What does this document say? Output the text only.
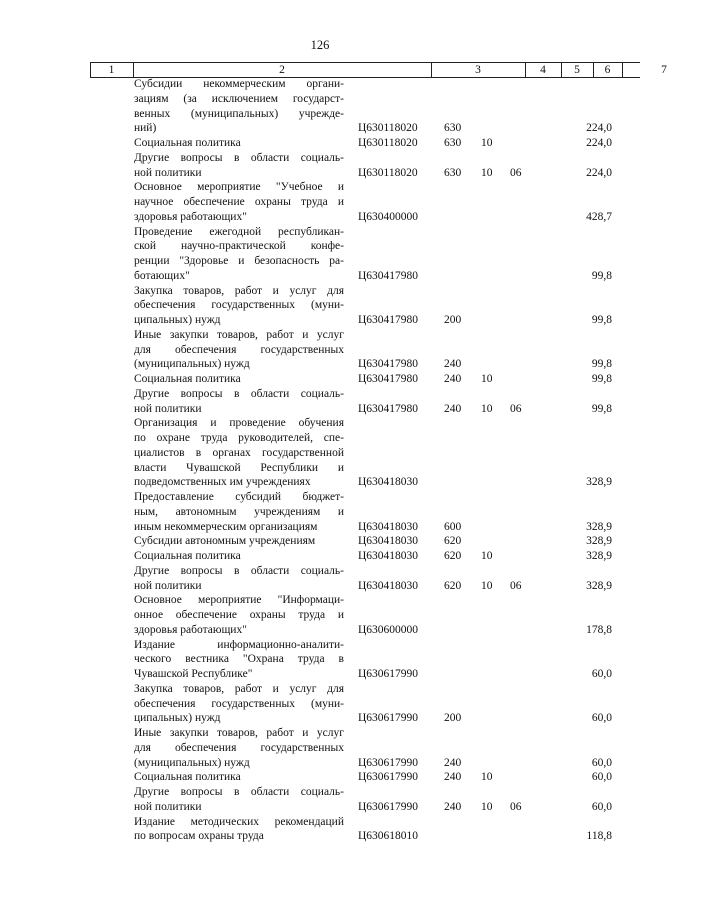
126
1	2	3	4	5	6	7
Субсидии некоммерческим органи-
зациям (за исключением государст-
венных (муниципальных) учрежде-
ний)	Ц630118020 630	224,0
Социальная политика	Ц630118020 630 10	224,0
Другие вопросы в области социаль-
ной политики	Ц630118020 630 10 06	224,0
Основное мероприятие "Учебное и
научное обеспечение охраны труда и
здоровья работающих"	Ц630400000	428,7
Проведение ежегодной республикан-
ской научно-практической конфе-
ренции "Здоровье и безопасность ра-
ботающих"	Ц630417980	99,8
Закупка товаров, работ и услуг для
обеспечения государственных (муни-
ципальных) нужд	Ц630417980 200	99,8
Иные закупки товаров, работ и услуг
для обеспечения государственных
(муниципальных) нужд	Ц630417980 240	99,8
Социальная политика	Ц630417980 240 10	99,8
Другие вопросы в области социаль-
ной политики	Ц630417980 240 10 06	99,8
Организация и проведение обучения
по охране труда руководителей, спе-
циалистов в органах государственной
власти Чувашской Республики и
подведомственных им учреждениях	Ц630418030	328,9
Предоставление субсидий бюджет-
ным, автономным учреждениям и
иным некоммерческим организациям	Ц630418030 600	328,9
Субсидии автономным учреждениям	Ц630418030 620	328,9
Социальная политика	Ц630418030 620 10	328,9
Другие вопросы в области социаль-
ной политики	Ц630418030 620 10 06	328,9
Основное мероприятие "Информаци-
онное обеспечение охраны труда и
здоровья работающих"	Ц630600000	178,8
Издание информационно-аналити-
ческого вестника "Охрана труда в
Чувашской Республике"	Ц630617990	60,0
Закупка товаров, работ и услуг для
обеспечения государственных (муни-
ципальных) нужд	Ц630617990 200	60,0
Иные закупки товаров, работ и услуг
для обеспечения государственных
(муниципальных) нужд	Ц630617990 240	60,0
Социальная политика	Ц630617990 240 10	60,0
Другие вопросы в области социаль-
ной политики	Ц630617990 240 10 06	60,0
Издание методических рекомендаций
по вопросам охраны труда	Ц630618010	118,8
